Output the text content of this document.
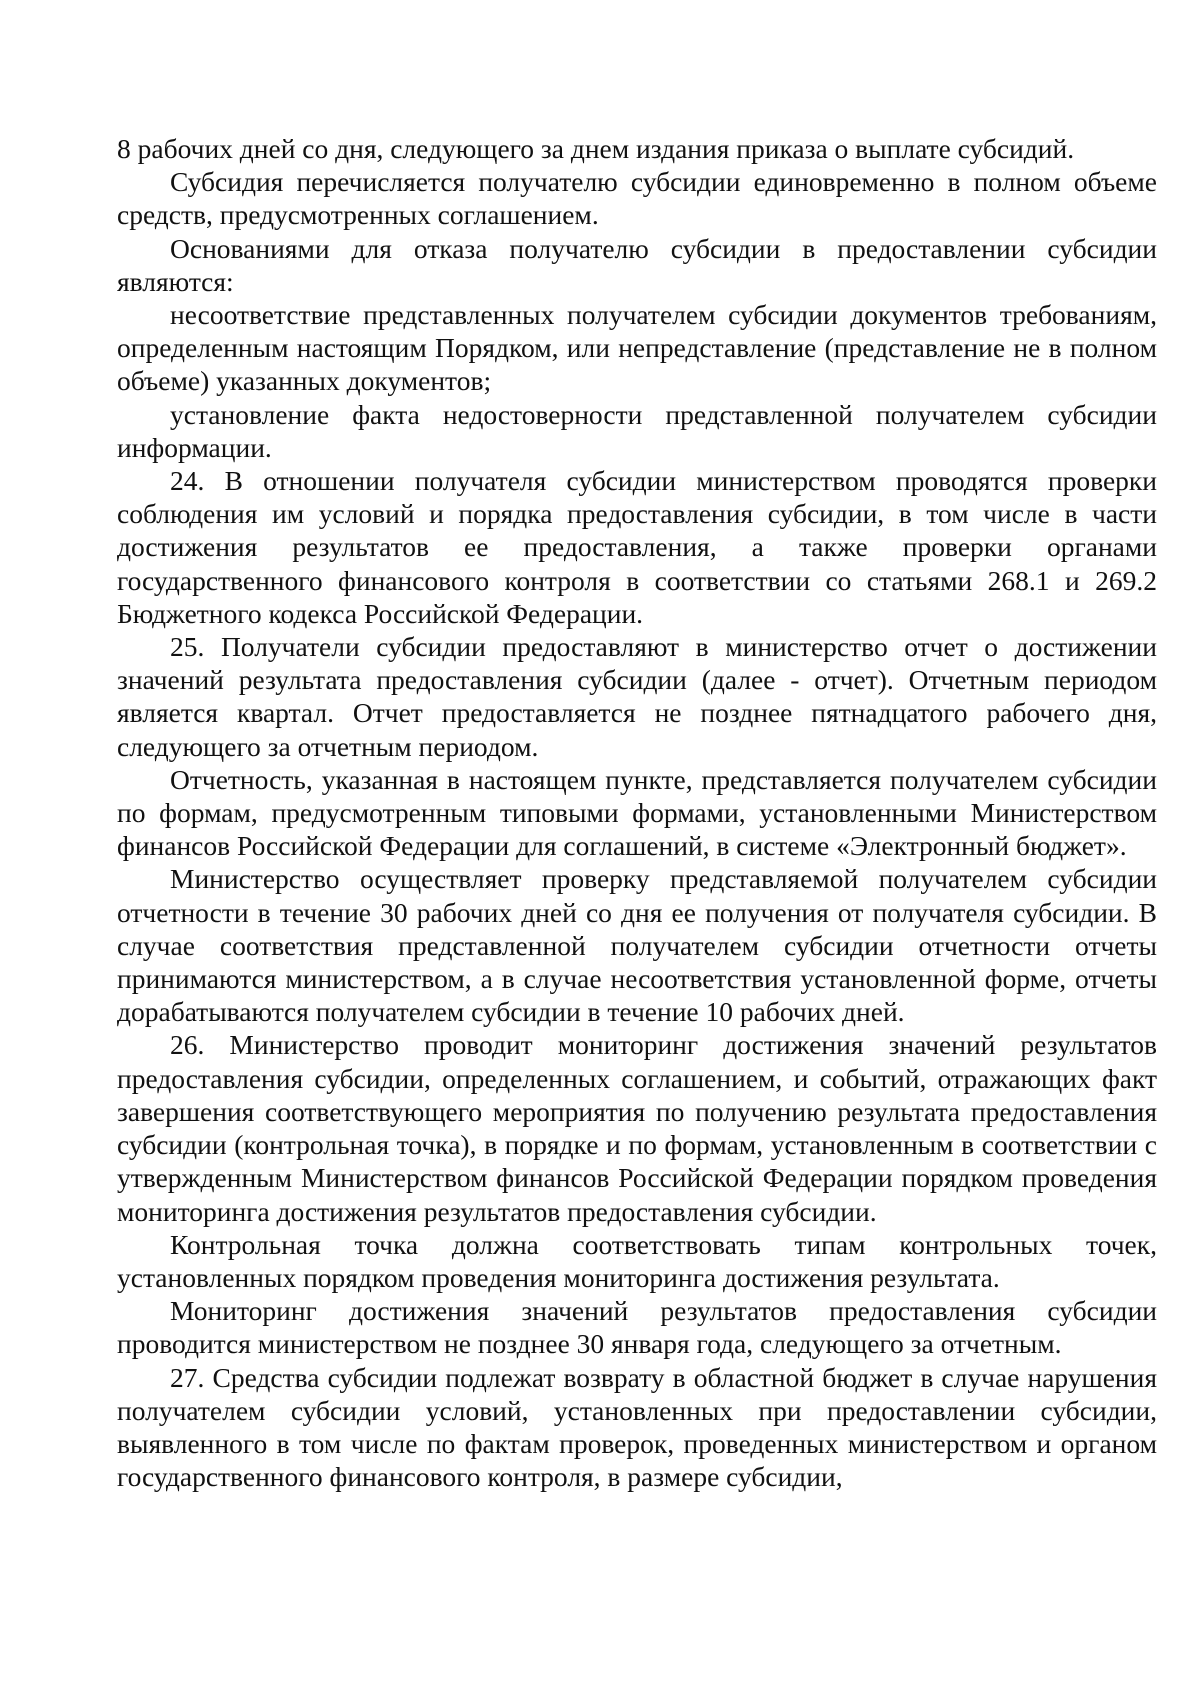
8 рабочих дней со дня, следующего за днем издания приказа о выплате субсидий.

Субсидия перечисляется получателю субсидии единовременно в полном объеме средств, предусмотренных соглашением.

Основаниями для отказа получателю субсидии в предоставлении субсидии являются:

несоответствие представленных получателем субсидии документов требованиям, определенным настоящим Порядком, или непредставление (представление не в полном объеме) указанных документов;

установление факта недостоверности представленной получателем субсидии информации.

24. В отношении получателя субсидии министерством проводятся проверки соблюдения им условий и порядка предоставления субсидии, в том числе в части достижения результатов ее предоставления, а также проверки органами государственного финансового контроля в соответствии со статьями 268.1 и 269.2 Бюджетного кодекса Российской Федерации.

25. Получатели субсидии предоставляют в министерство отчет о достижении значений результата предоставления субсидии (далее - отчет). Отчетным периодом является квартал. Отчет предоставляется не позднее пятнадцатого рабочего дня, следующего за отчетным периодом.

Отчетность, указанная в настоящем пункте, представляется получателем субсидии по формам, предусмотренным типовыми формами, установленными Министерством финансов Российской Федерации для соглашений, в системе «Электронный бюджет».

Министерство осуществляет проверку представляемой получателем субсидии отчетности в течение 30 рабочих дней со дня ее получения от получателя субсидии. В случае соответствия представленной получателем субсидии отчетности отчеты принимаются министерством, а в случае несоответствия установленной форме, отчеты дорабатываются получателем субсидии в течение 10 рабочих дней.

26. Министерство проводит мониторинг достижения значений результатов предоставления субсидии, определенных соглашением, и событий, отражающих факт завершения соответствующего мероприятия по получению результата предоставления субсидии (контрольная точка), в порядке и по формам, установленным в соответствии с утвержденным Министерством финансов Российской Федерации порядком проведения мониторинга достижения результатов предоставления субсидии.

Контрольная точка должна соответствовать типам контрольных точек, установленных порядком проведения мониторинга достижения результата.

Мониторинг достижения значений результатов предоставления субсидии проводится министерством не позднее 30 января года, следующего за отчетным.

27. Средства субсидии подлежат возврату в областной бюджет в случае нарушения получателем субсидии условий, установленных при предоставлении субсидии, выявленного в том числе по фактам проверок, проведенных министерством и органом государственного финансового контроля, в размере субсидии,
